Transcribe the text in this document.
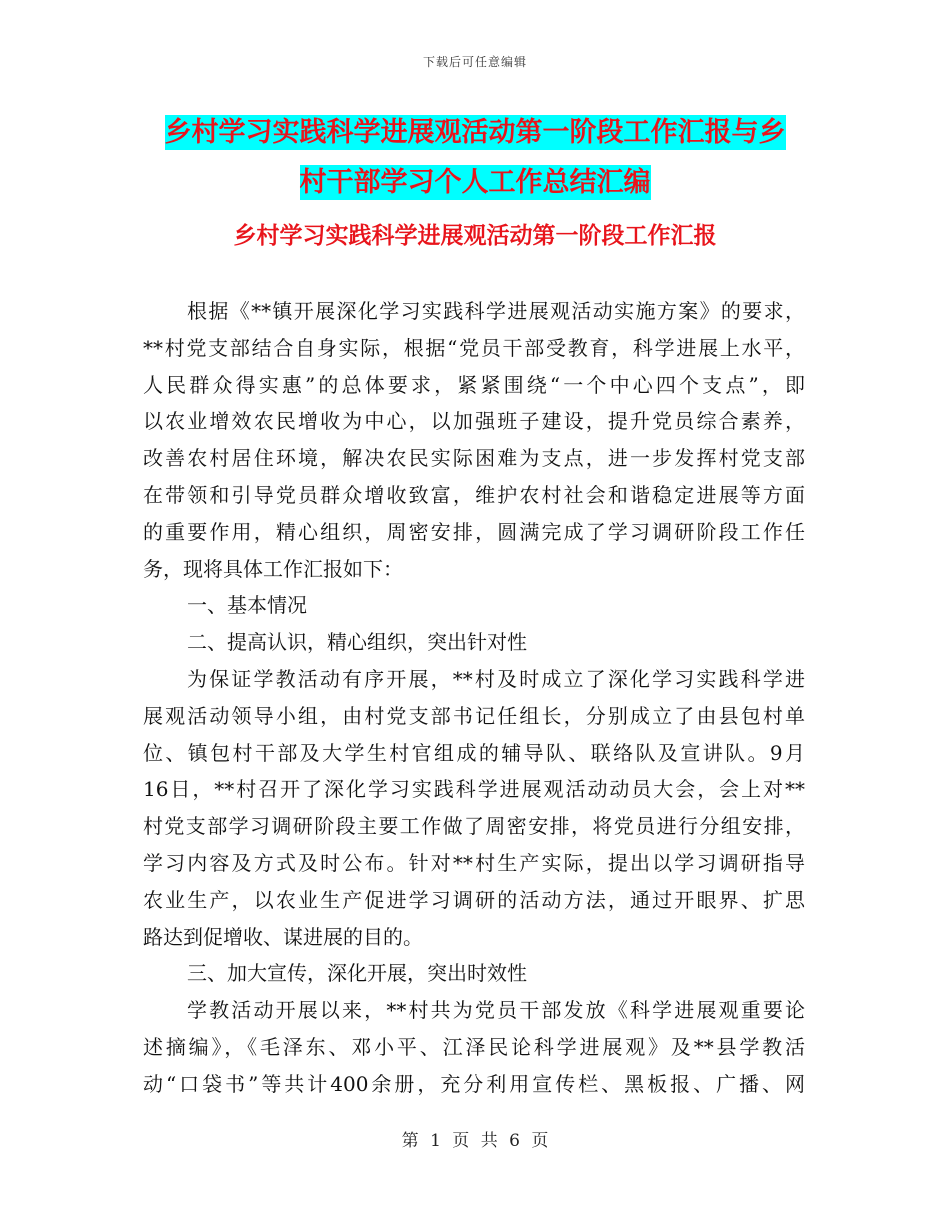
下载后可任意编辑
乡村学习实践科学进展观活动第一阶段工作汇报与乡
村干部学习个人工作总结汇编
乡村学习实践科学进展观活动第一阶段工作汇报
根据《**镇开展深化学习实践科学进展观活动实施方案》的要求，
**村党支部结合自身实际，根据“党员干部受教育，科学进展上水平，
人民群众得实惠”的总体要求，紧紧围绕“一个中心四个支点”，即
以农业增效农民增收为中心，以加强班子建设，提升党员综合素养，
改善农村居住环境，解决农民实际困难为支点，进一步发挥村党支部
在带领和引导党员群众增收致富，维护农村社会和谐稳定进展等方面
的重要作用，精心组织，周密安排，圆满完成了学习调研阶段工作任
务，现将具体工作汇报如下：
一、基本情况
二、提高认识，精心组织，突出针对性
为保证学教活动有序开展，**村及时成立了深化学习实践科学进
展观活动领导小组，由村党支部书记任组长，分别成立了由县包村单
位、镇包村干部及大学生村官组成的辅导队、联络队及宣讲队。9月
16日，**村召开了深化学习实践科学进展观活动动员大会，会上对**
村党支部学习调研阶段主要工作做了周密安排，将党员进行分组安排，
学习内容及方式及时公布。针对**村生产实际，提出以学习调研指导
农业生产，以农业生产促进学习调研的活动方法，通过开眼界、扩思
路达到促增收、谋进展的目的。
三、加大宣传，深化开展，突出时效性
学教活动开展以来，**村共为党员干部发放《科学进展观重要论
述摘编》，《毛泽东、邓小平、江泽民论科学进展观》及**县学教活
动“口袋书”等共计400余册，充分利用宣传栏、黑板报、广播、网
第 1 页 共 6 页
